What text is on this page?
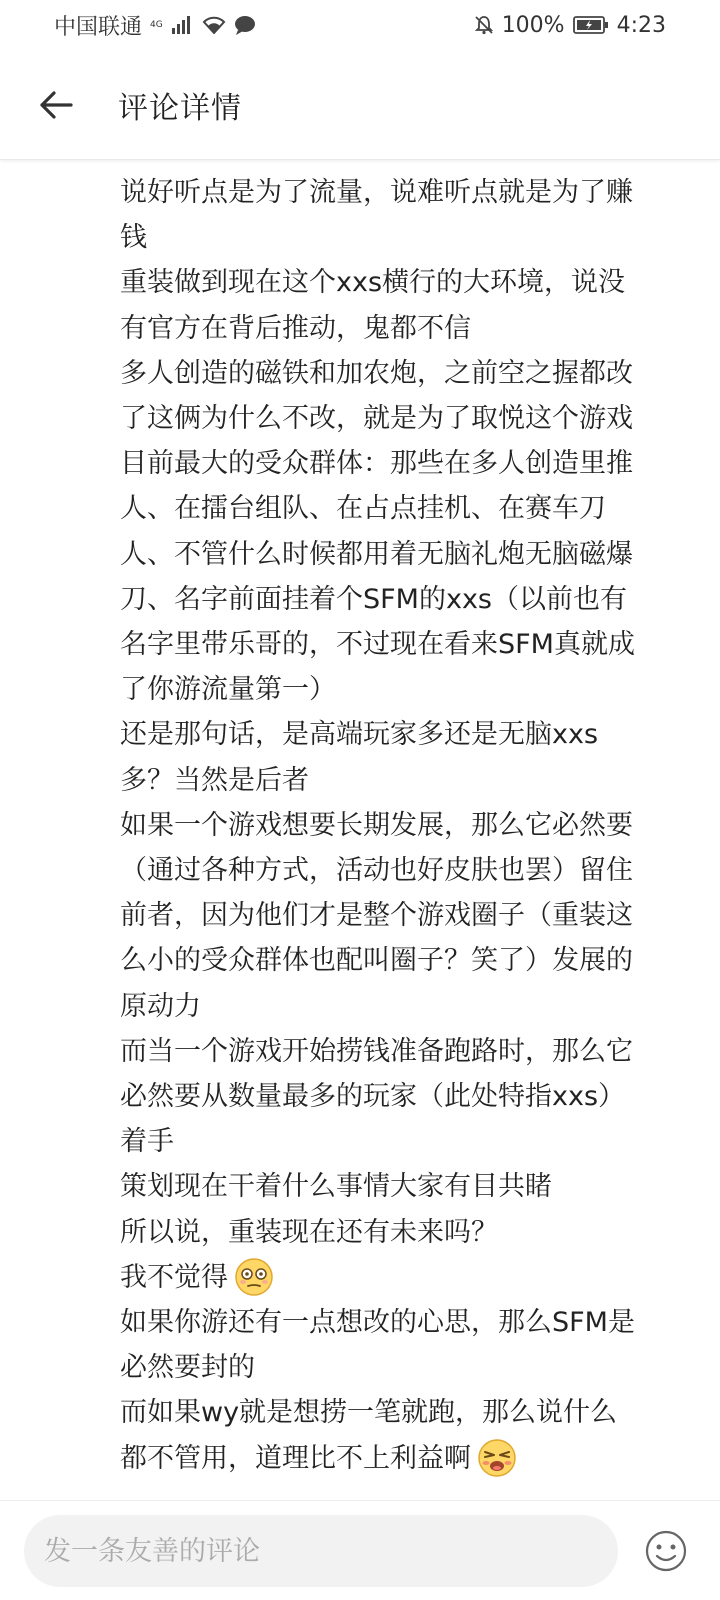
中国联通 4G	100% 4:23
评论详情
说好听点是为了流量，说难听点就是为了赚
钱
重装做到现在这个xxs横行的大环境，说没
有官方在背后推动，鬼都不信
多人创造的磁铁和加农炮，之前空之握都改
了这俩为什么不改，就是为了取悦这个游戏
目前最大的受众群体：那些在多人创造里推
人、在擂台组队、在占点挂机、在赛车刀
人、不管什么时候都用着无脑礼炮无脑磁爆
刀、名字前面挂着个SFM的xxs（以前也有
名字里带乐哥的，不过现在看来SFM真就成
了你游流量第一）
还是那句话，是高端玩家多还是无脑xxs
多？当然是后者
如果一个游戏想要长期发展，那么它必然要
（通过各种方式，活动也好皮肤也罢）留住
前者，因为他们才是整个游戏圈子（重装这
么小的受众群体也配叫圈子？笑了）发展的
原动力
而当一个游戏开始捞钱准备跑路时，那么它
必然要从数量最多的玩家（此处特指xxs）
着手
策划现在干着什么事情大家有目共睹
所以说，重装现在还有未来吗？
我不觉得
如果你游还有一点想改的心思，那么SFM是
必然要封的
而如果wy就是想捞一笔就跑，那么说什么
都不管用，道理比不上利益啊
发一条友善的评论
